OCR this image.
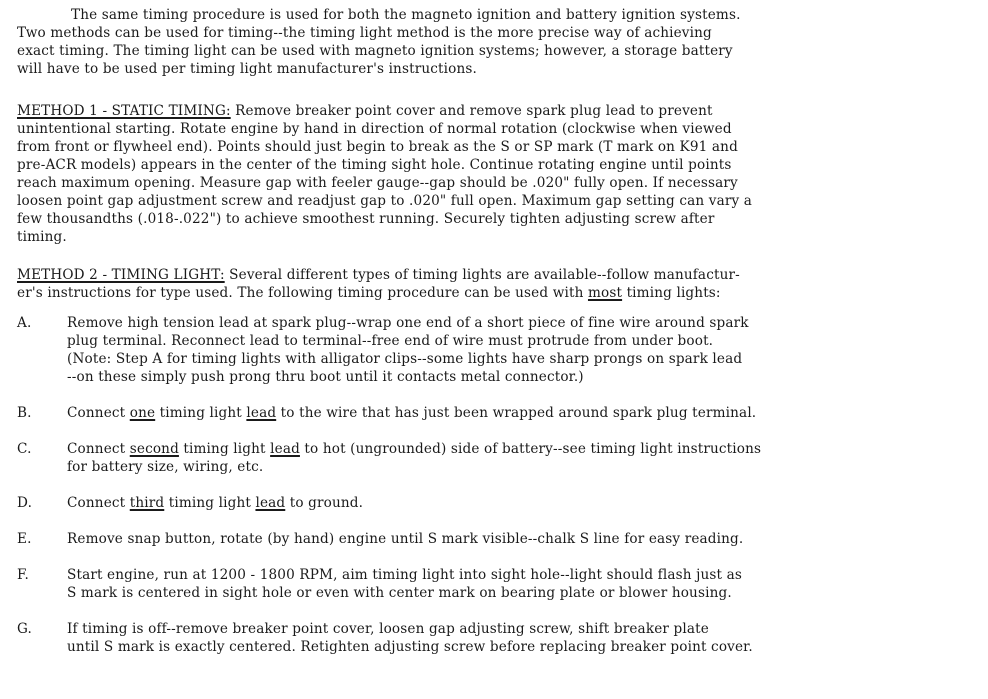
The same timing procedure is used for both the magneto ignition and battery ignition systems.
Two methods can be used for timing--the timing light method is the more precise way of achieving
exact timing. The timing light can be used with magneto ignition systems; however, a storage battery
will have to be used per timing light manufacturer's instructions.
METHOD 1 - STATIC TIMING: Remove breaker point cover and remove spark plug lead to prevent
unintentional starting. Rotate engine by hand in direction of normal rotation (clockwise when viewed
from front or flywheel end). Points should just begin to break as the S or SP mark (T mark on K91 and
pre-ACR models) appears in the center of the timing sight hole. Continue rotating engine until points
reach maximum opening. Measure gap with feeler gauge--gap should be .020" fully open. If necessary
loosen point gap adjustment screw and readjust gap to .020" full open. Maximum gap setting can vary a
few thousandths (.018-.022") to achieve smoothest running. Securely tighten adjusting screw after
timing.
METHOD 2 - TIMING LIGHT: Several different types of timing lights are available--follow manufactur-
er's instructions for type used. The following timing procedure can be used with most timing lights:
A.	Remove high tension lead at spark plug--wrap one end of a short piece of fine wire around spark
plug terminal. Reconnect lead to terminal--free end of wire must protrude from under boot.
(Note: Step A for timing lights with alligator clips--some lights have sharp prongs on spark lead
--on these simply push prong thru boot until it contacts metal connector.)
B.	Connect one timing light lead to the wire that has just been wrapped around spark plug terminal.
C.	Connect second timing light lead to hot (ungrounded) side of battery--see timing light instructions
for battery size, wiring, etc.
D.	Connect third timing light lead to ground.
E.	Remove snap button, rotate (by hand) engine until S mark visible--chalk S line for easy reading.
F.	Start engine, run at 1200 - 1800 RPM, aim timing light into sight hole--light should flash just as
S mark is centered in sight hole or even with center mark on bearing plate or blower housing.
G.	If timing is off--remove breaker point cover, loosen gap adjusting screw, shift breaker plate
until S mark is exactly centered. Retighten adjusting screw before replacing breaker point cover.
